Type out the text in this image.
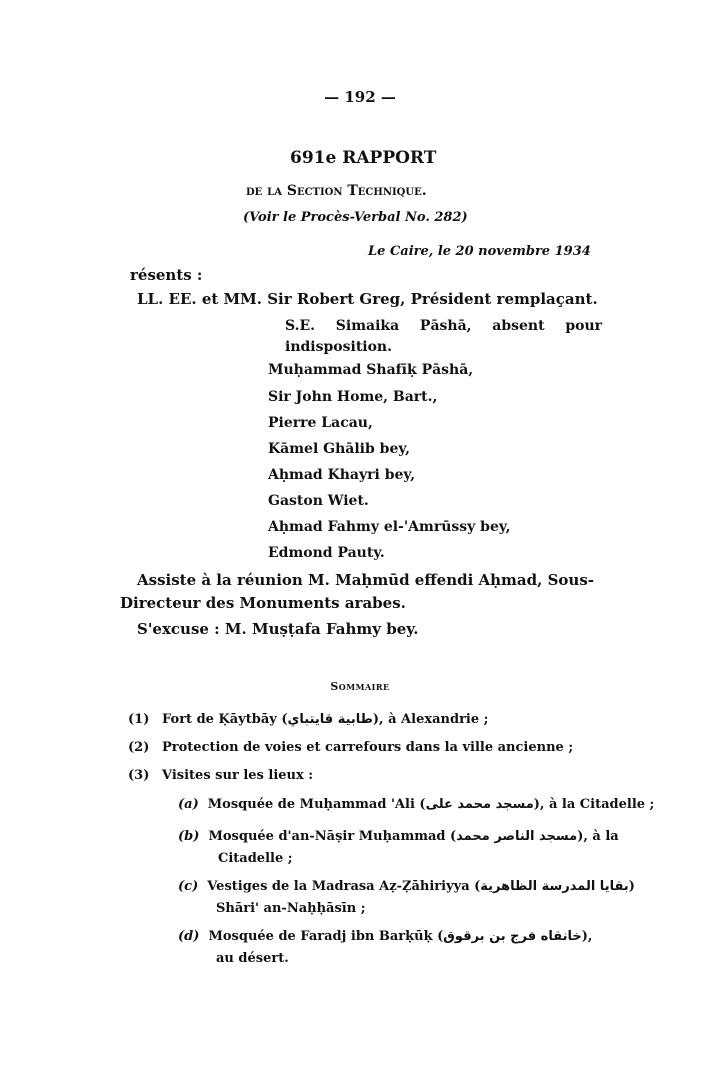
— 192 —
691e RAPPORT
de la Section Technique.
(Voir le Procès-Verbal No. 282)
Le Caire, le 20 novembre 1934
résents :
LL. EE. et MM. Sir Robert Greg, Président remplaçant.
S.E. Simaika Pāshā, absent pour indisposition.
Muḥammad Shafīḳ Pāshā,
Sir John Home, Bart.,
Pierre Lacau,
Kāmel Ghālib bey,
Aḥmad Khayri bey,
Gaston Wiet.
Aḥmad Fahmy el-'Amrūssy bey,
Edmond Pauty.
Assiste à la réunion M. Maḥmūd effendi Aḥmad, Sous-
Directeur des Monuments arabes.
S'excuse : M. Muṣṭafa Fahmy bey.
Sommaire
(1) Fort de Ḳāytbāy (طابية قايتباي), à Alexandrie ;
(2) Protection de voies et carrefours dans la ville ancienne ;
(3) Visites sur les lieux :
(a) Mosquée de Muḥammad 'Ali (مسجد محمد على), à la Citadelle ;
(b) Mosquée d'an-Nāṣir Muḥammad (مسجد الناصر محمد), à la
Citadelle ;
(c) Vestiges de la Madrasa Aẓ-Ẓāhiriyya (بقايا المدرسة الظاهرية)
Shāri' an-Naḥḥāsīn ;
(d) Mosquée de Faradj ibn Barḳūḳ (خانقاه فرج بن برقوق),
au désert.
